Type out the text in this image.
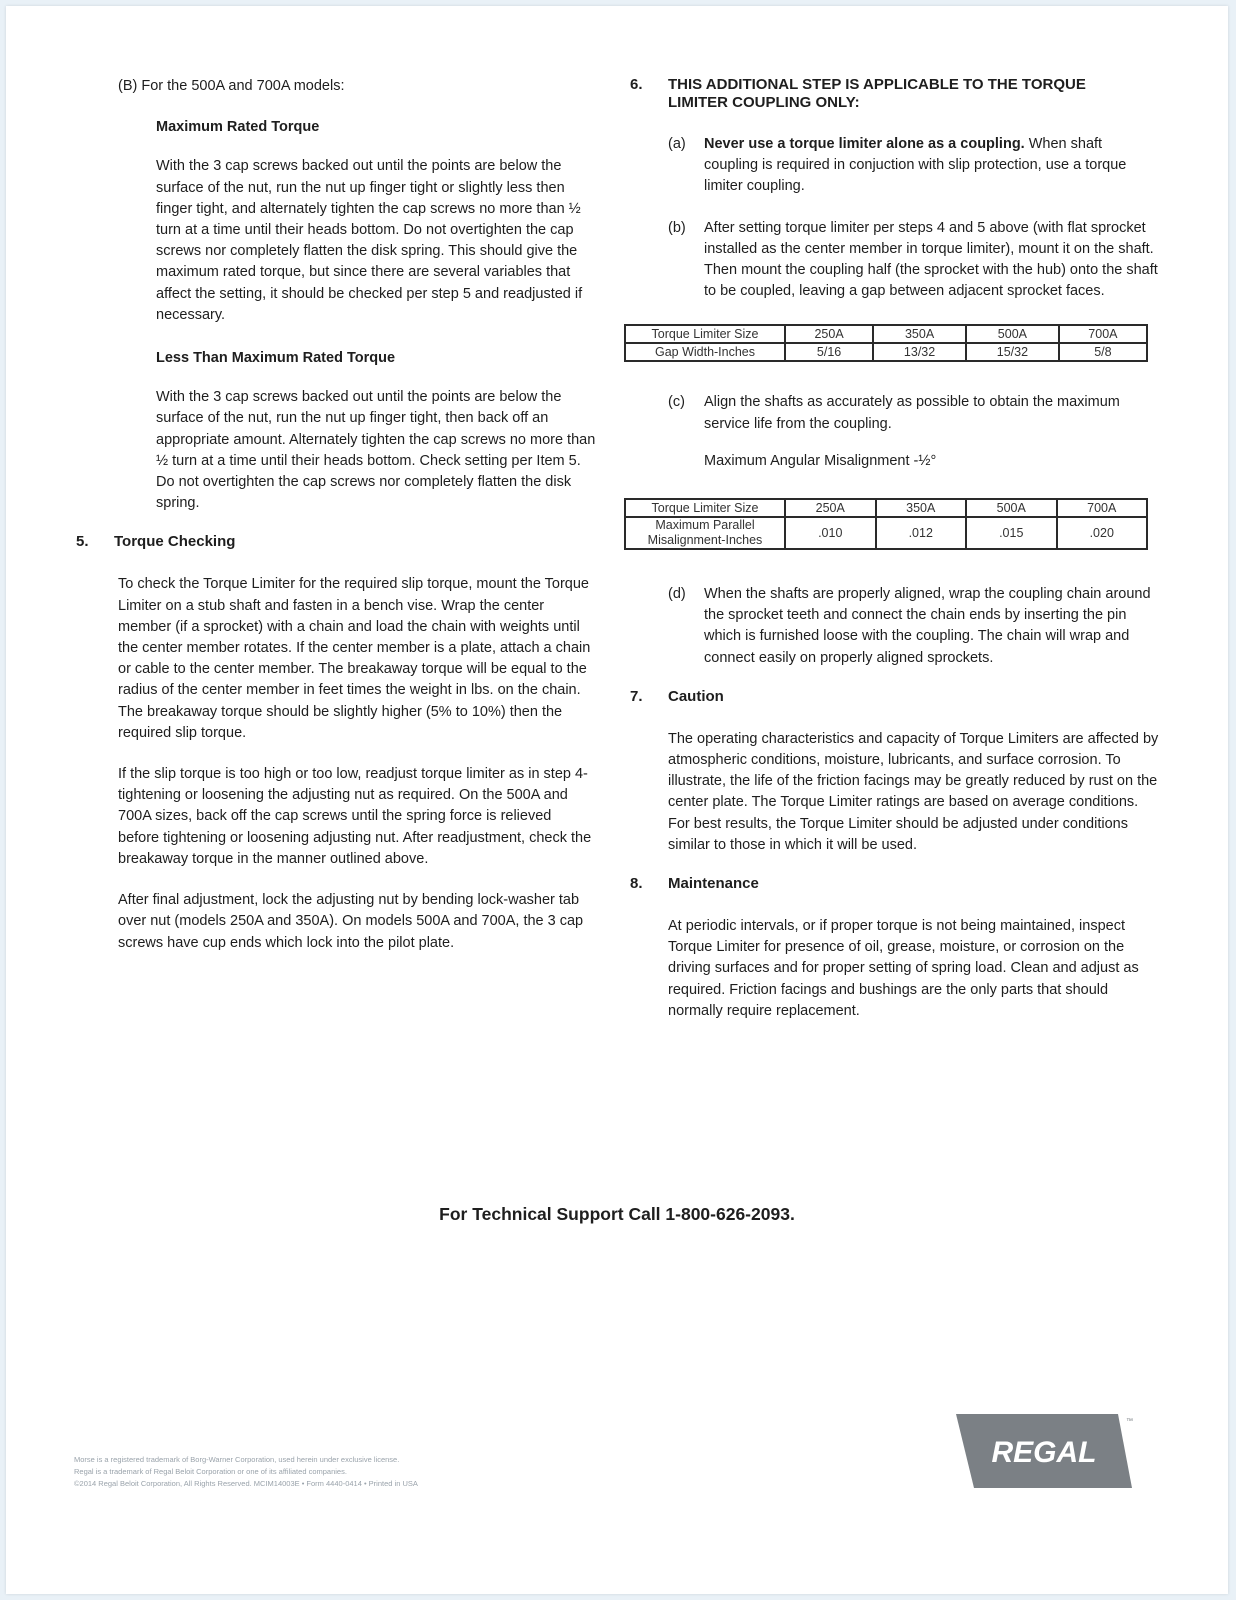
(B) For the 500A and 700A models:

Maximum Rated Torque

With the 3 cap screws backed out until the points are below the surface of the nut, run the nut up finger tight or slightly less then finger tight, and alternately tighten the cap screws no more than ½ turn at a time until their heads bottom. Do not overtighten the cap screws nor completely flatten the disk spring. This should give the maximum rated torque, but since there are several variables that affect the setting, it should be checked per step 5 and readjusted if necessary.

Less Than Maximum Rated Torque

With the 3 cap screws backed out until the points are below the surface of the nut, run the nut up finger tight, then back off an appropriate amount. Alternately tighten the cap screws no more than ½ turn at a time until their heads bottom. Check setting per Item 5. Do not overtighten the cap screws nor completely flatten the disk spring.

5.	Torque Checking

To check the Torque Limiter for the required slip torque, mount the Torque Limiter on a stub shaft and fasten in a bench vise. Wrap the center member (if a sprocket) with a chain and load the chain with weights until the center member rotates. If the center member is a plate, attach a chain or cable to the center member. The breakaway torque will be equal to the radius of the center member in feet times the weight in lbs. on the chain. The breakaway torque should be slightly higher (5% to 10%) then the required slip torque.

If the slip torque is too high or too low, readjust torque limiter as in step 4-tightening or loosening the adjusting nut as required. On the 500A and 700A sizes, back off the cap screws until the spring force is relieved before tightening or loosening adjusting nut. After readjustment, check the breakaway torque in the manner outlined above.

After final adjustment, lock the adjusting nut by bending lock-washer tab over nut (models 250A and 350A). On models 500A and 700A, the 3 cap screws have cup ends which lock into the pilot plate.

6.	THIS ADDITIONAL STEP IS APPLICABLE TO THE TORQUE LIMITER COUPLING ONLY:
(a)	Never use a torque limiter alone as a coupling. When shaft coupling is required in conjuction with slip protection, use a torque limiter coupling.

(b)	After setting torque limiter per steps 4 and 5 above (with flat sprocket installed as the center member in torque limiter), mount it on the shaft. Then mount the coupling half (the sprocket with the hub) onto the shaft to be coupled, leaving a gap between adjacent sprocket faces.

Torque Limiter Size	250A	350A	500A	700A
Gap Width-Inches	5/16	13/32	15/32	5/8
(c)	Align the shafts as accurately as possible to obtain the maximum service life from the coupling.

Maximum Angular Misalignment -½°

Torque Limiter Size	250A	350A	500A	700A
Maximum Parallel Misalignment-Inches	.010	.012	.015	.020
(d)	When the shafts are properly aligned, wrap the coupling chain around the sprocket teeth and connect the chain ends by inserting the pin which is furnished loose with the coupling. The chain will wrap and connect easily on properly aligned sprockets.

7.	Caution

The operating characteristics and capacity of Torque Limiters are affected by atmospheric conditions, moisture, lubricants, and surface corrosion. To illustrate, the life of the friction facings may be greatly reduced by rust on the center plate. The Torque Limiter ratings are based on average conditions. For best results, the Torque Limiter should be adjusted under conditions similar to those in which it will be used.

8.	Maintenance

At periodic intervals, or if proper torque is not being maintained, inspect Torque Limiter for presence of oil, grease, moisture, or corrosion on the driving surfaces and for proper setting of spring load. Clean and adjust as required. Friction facings and bushings are the only parts that should normally require replacement.

For Technical Support Call 1-800-626-2093.
Morse is a registered trademark of Borg-Warner Corporation, used herein under exclusive license.
Regal is a trademark of Regal Beloit Corporation or one of its affiliated companies.
©2014 Regal Beloit Corporation, All Rights Reserved. MCIM14003E • Form 4440-0414 • Printed in USA
REGAL
™
